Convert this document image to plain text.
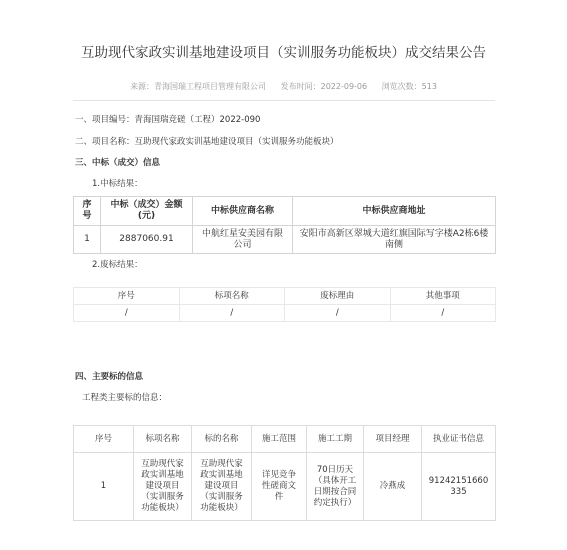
互助现代家政实训基地建设项目（实训服务功能板块）成交结果公告
来源：青海国瑞工程项目管理有限公司 发布时间：2022-09-06 浏览次数：513
一、项目编号：青海国瑞竞磋（工程）2022-090
二、项目名称：互助现代家政实训基地建设项目（实训服务功能板块）
三、中标（成交）信息
1.中标结果：
序号	中标（成交）金额(元)	中标供应商名称	中标供应商地址
1	2887060.91	中航红星安美园有限公司	安阳市高新区翠城大道红旗国际写字楼A2栋6楼南侧
2.废标结果：
序号	标项名称	废标理由	其他事项
/	/	/	/
四、主要标的信息
工程类主要标的信息：
序号	标项名称	标的名称	施工范围	施工工期	项目经理	执业证书信息
1	互助现代家政实训基地建设项目（实训服务功能板块）	互助现代家政实训基地建设项目（实训服务功能板块）	详见竞争性磋商文件	70日历天（具体开工日期按合同约定执行）	冷燕成	91242151660335
